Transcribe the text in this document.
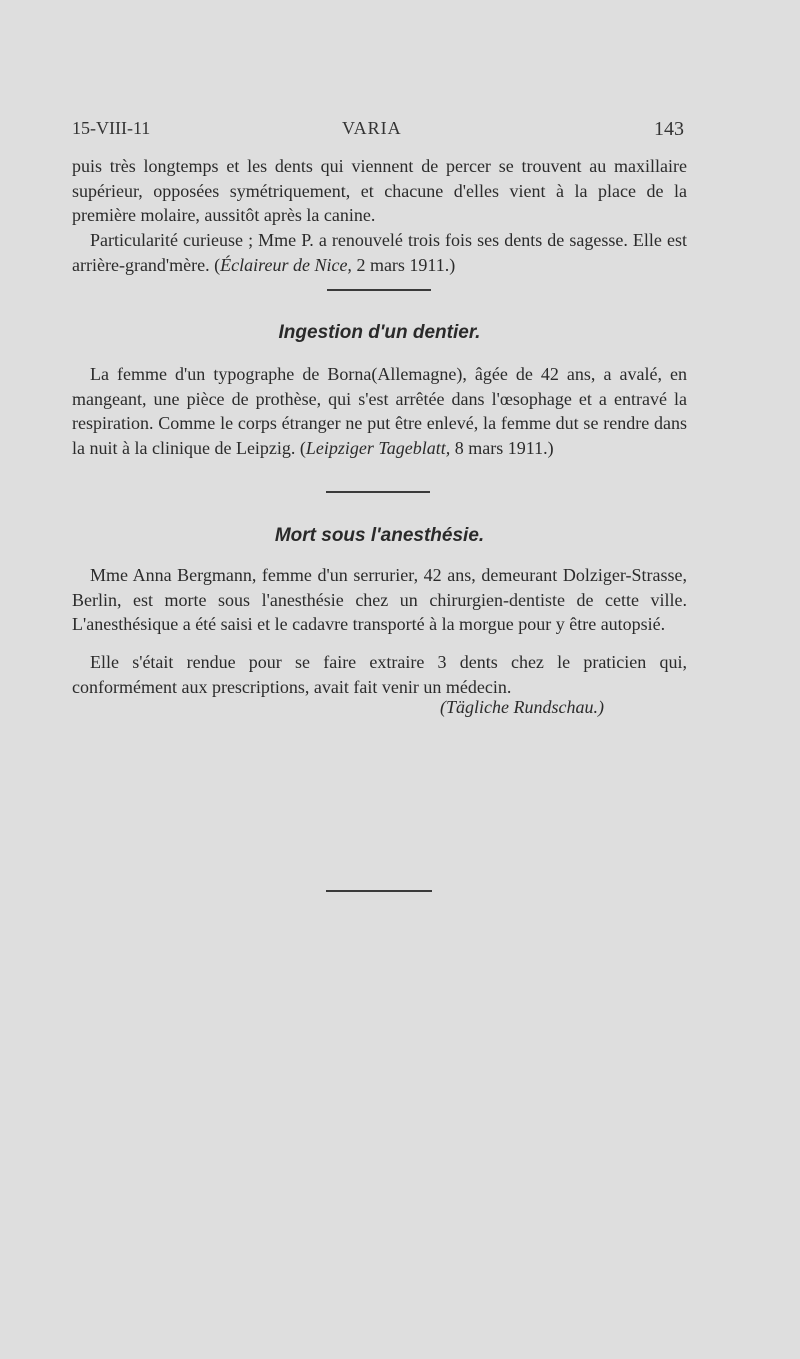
15-VIII-11	VARIA	143

puis très longtemps et les dents qui viennent de percer se trouvent au maxillaire supérieur, opposées symétriquement, et chacune d'elles vient à la place de la première molaire, aussitôt après la canine.

Particularité curieuse ; Mme P. a renouvelé trois fois ses dents de sagesse. Elle est arrière-grand'mère. (Éclaireur de Nice, 2 mars 1911.)

Ingestion d'un dentier.

La femme d'un typographe de Borna(Allemagne), âgée de 42 ans, a avalé, en mangeant, une pièce de prothèse, qui s'est arrêtée dans l'œsophage et a entravé la respiration. Comme le corps étranger ne put être enlevé, la femme dut se rendre dans la nuit à la clinique de Leipzig. (Leipziger Tageblatt, 8 mars 1911.)

Mort sous l'anesthésie.

Mme Anna Bergmann, femme d'un serrurier, 42 ans, demeurant Dolziger-Strasse, Berlin, est morte sous l'anesthésie chez un chirurgien-dentiste de cette ville. L'anesthésique a été saisi et le cadavre transporté à la morgue pour y être autopsié.

Elle s'était rendue pour se faire extraire 3 dents chez le praticien qui, conformément aux prescriptions, avait fait venir un médecin.

(Tägliche Rundschau.)
